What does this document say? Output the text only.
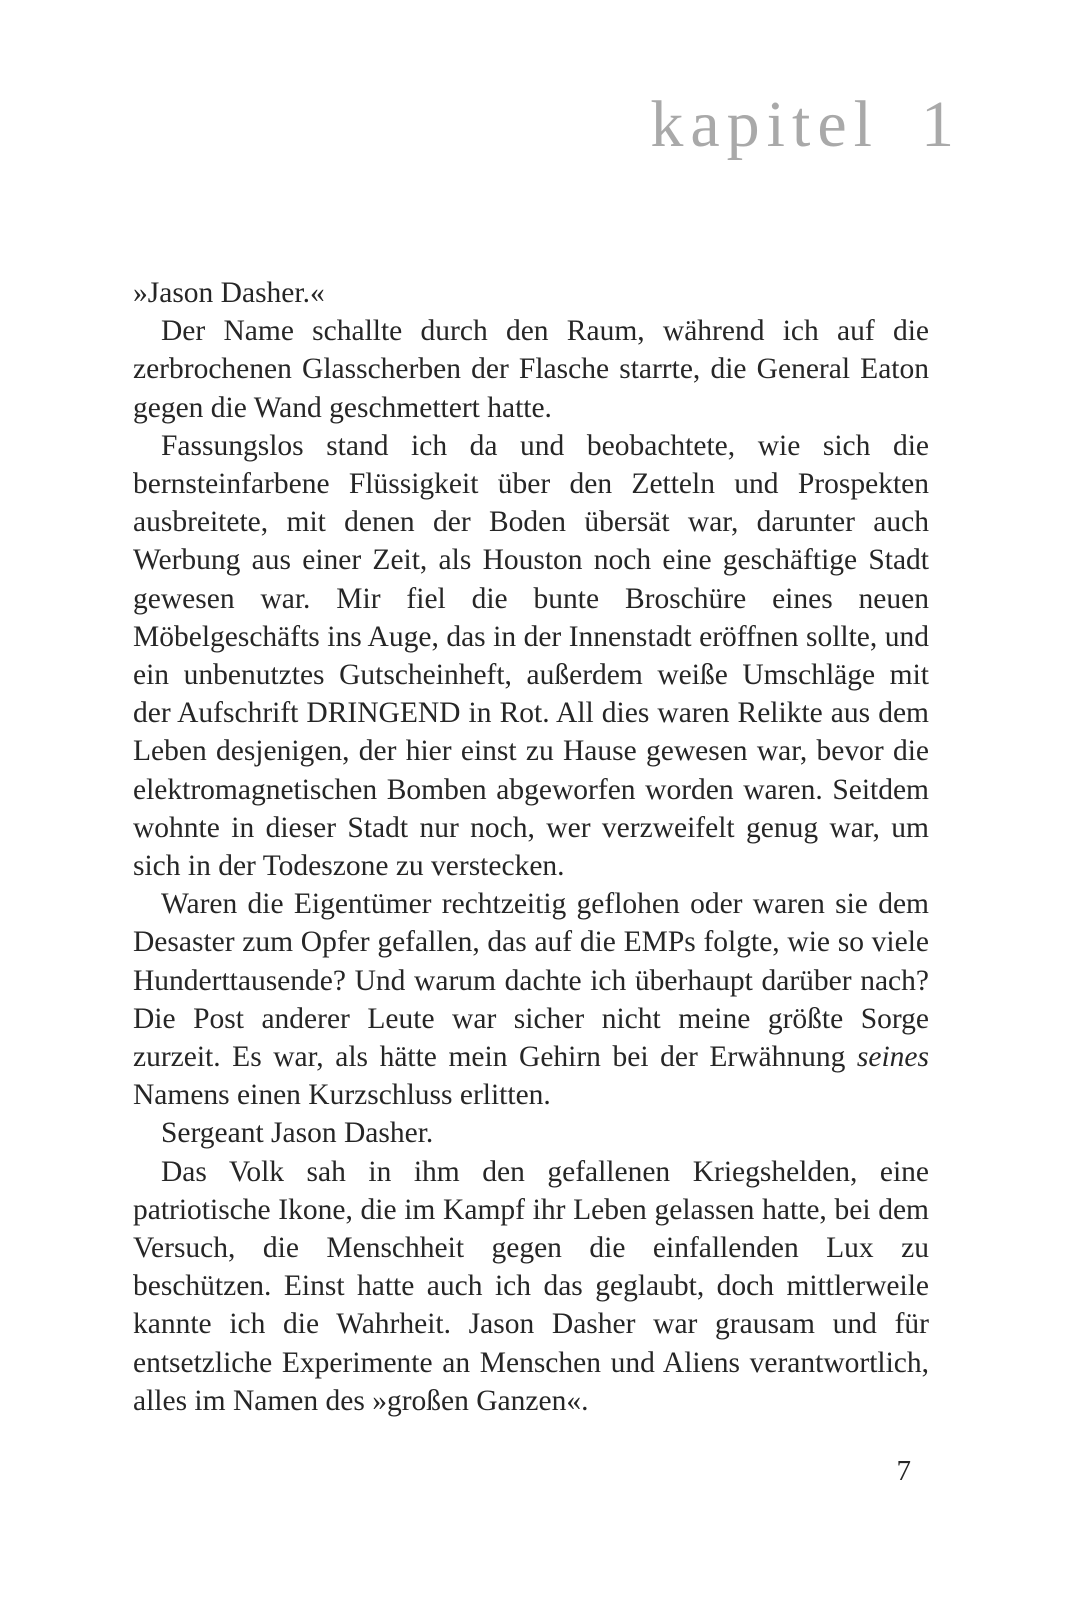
kapitel 1

»Jason Dasher.«

Der Name schallte durch den Raum, während ich auf die zerbrochenen Glasscherben der Flasche starrte, die General Eaton gegen die Wand geschmettert hatte.

Fassungslos stand ich da und beobachtete, wie sich die bernsteinfarbene Flüssigkeit über den Zetteln und Prospekten ausbreitete, mit denen der Boden übersät war, darunter auch Werbung aus einer Zeit, als Houston noch eine geschäftige Stadt gewesen war. Mir fiel die bunte Broschüre eines neuen Möbelgeschäfts ins Auge, das in der Innenstadt eröffnen sollte, und ein unbenutztes Gutscheinheft, außerdem weiße Umschläge mit der Aufschrift DRINGEND in Rot. All dies waren Relikte aus dem Leben desjenigen, der hier einst zu Hause gewesen war, bevor die elektromagnetischen Bomben abgeworfen worden waren. Seitdem wohnte in dieser Stadt nur noch, wer verzweifelt genug war, um sich in der Todeszone zu verstecken.

Waren die Eigentümer rechtzeitig geflohen oder waren sie dem Desaster zum Opfer gefallen, das auf die EMPs folgte, wie so viele Hunderttausende? Und warum dachte ich überhaupt darüber nach? Die Post anderer Leute war sicher nicht meine größte Sorge zurzeit. Es war, als hätte mein Gehirn bei der Erwähnung seines Namens einen Kurzschluss erlitten.

Sergeant Jason Dasher.

Das Volk sah in ihm den gefallenen Kriegshelden, eine patriotische Ikone, die im Kampf ihr Leben gelassen hatte, bei dem Versuch, die Menschheit gegen die einfallenden Lux zu beschützen. Einst hatte auch ich das geglaubt, doch mittlerweile kannte ich die Wahrheit. Jason Dasher war grausam und für entsetzliche Experimente an Menschen und Aliens verantwortlich, alles im Namen des »großen Ganzen«.

7
